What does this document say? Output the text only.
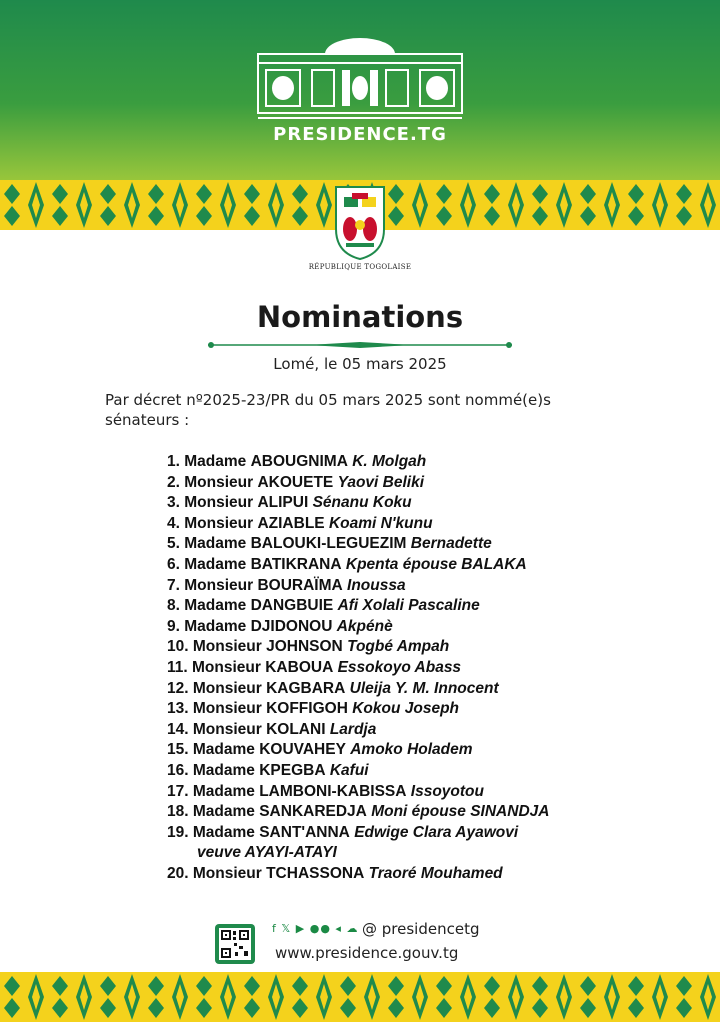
PRESIDENCE.TG
RÉPUBLIQUE TOGOLAISE
Nominations
Lomé, le 05 mars 2025
Par décret nº2025-23/PR du 05 mars 2025 sont nommé(e)s sénateurs :
1. Madame ABOUGNIMA K. Molgah
2. Monsieur AKOUETE Yaovi Beliki
3. Monsieur ALIPUI Sénanu Koku
4. Monsieur AZIABLE Koami N'kunu
5. Madame BALOUKI-LEGUEZIM Bernadette
6. Madame BATIKRANA Kpenta épouse BALAKA
7. Monsieur BOURAÏMA Inoussa
8. Madame DANGBUIE Afi Xolali Pascaline
9. Madame DJIDONOU Akpénè
10. Monsieur JOHNSON Togbé Ampah
11. Monsieur KABOUA Essokoyo Abass
12. Monsieur KAGBARA Uleija Y. M. Innocent
13. Monsieur KOFFIGOH Kokou Joseph
14. Monsieur KOLANI Lardja
15. Madame KOUVAHEY Amoko Holadem
16. Madame KPEGBA Kafui
17. Madame LAMBONI-KABISSA Issoyotou
18. Madame SANKAREDJA Moni épouse SINANDJA
19. Madame SANT'ANNA Edwige Clara Ayawovi
veuve AYAYI-ATAYI
20. Monsieur TCHASSONA Traoré Mouhamed
f 𝕏 ▶ ●● ◂ ☁ @ presidencetg
www.presidence.gouv.tg
